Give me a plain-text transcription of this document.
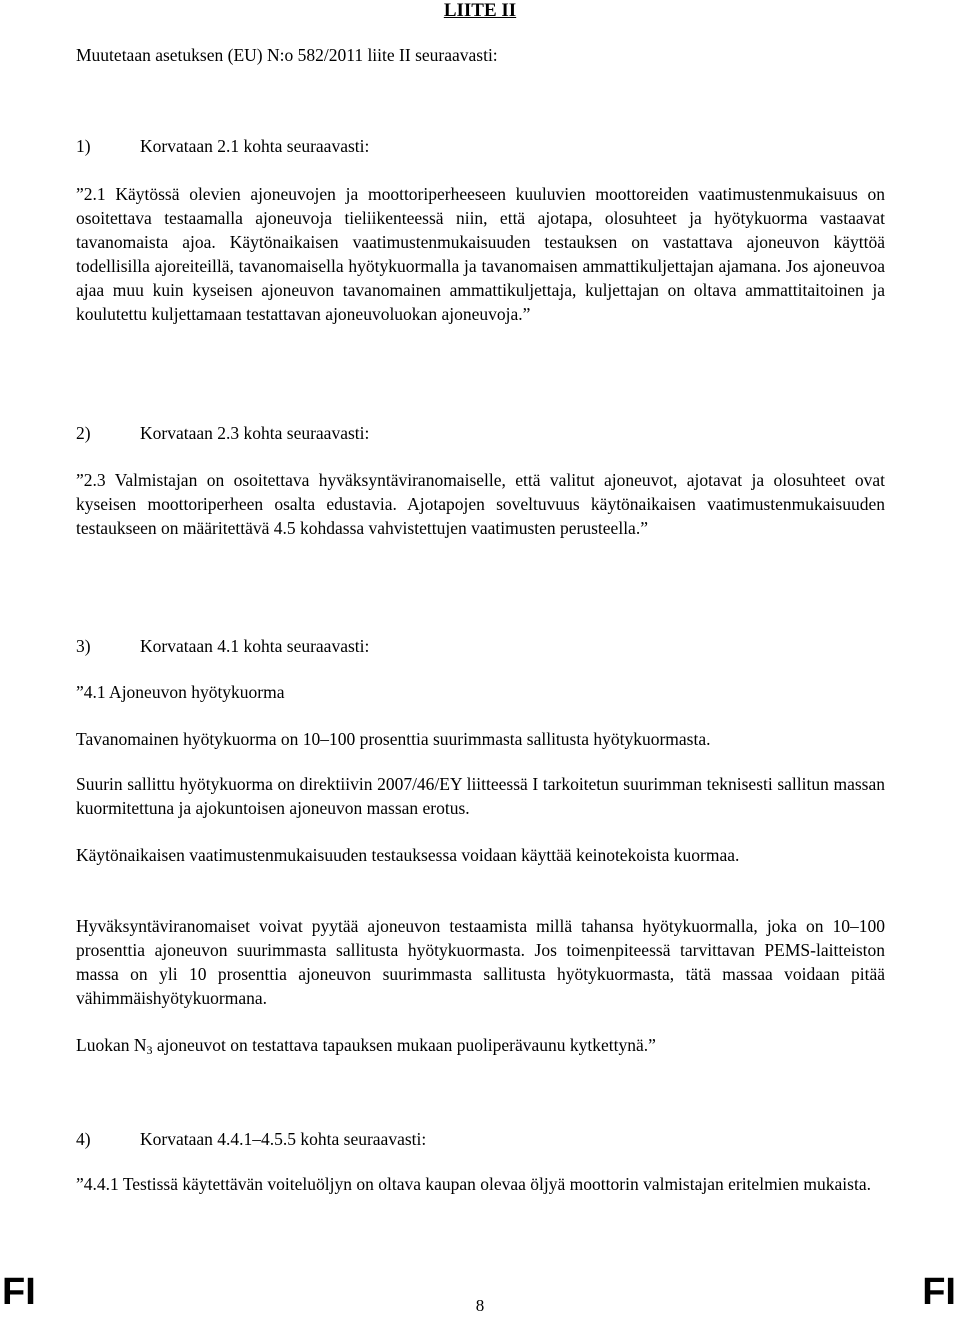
LIITE II

Muutetaan asetuksen (EU) N:o 582/2011 liite II seuraavasti:

1)	Korvataan 2.1 kohta seuraavasti:

”2.1 Käytössä olevien ajoneuvojen ja moottoriperheeseen kuuluvien moottoreiden vaatimustenmukaisuus on osoitettava testaamalla ajoneuvoja tieliikenteessä niin, että ajotapa, olosuhteet ja hyötykuorma vastaavat tavanomaista ajoa. Käytönaikaisen vaatimustenmukaisuuden testauksen on vastattava ajoneuvon käyttöä todellisilla ajoreiteillä, tavanomaisella hyötykuormalla ja tavanomaisen ammattikuljettajan ajamana. Jos ajoneuvoa ajaa muu kuin kyseisen ajoneuvon tavanomainen ammattikuljettaja, kuljettajan on oltava ammattitaitoinen ja koulutettu kuljettamaan testattavan ajoneuvoluokan ajoneuvoja.”

2)	Korvataan 2.3 kohta seuraavasti:

”2.3 Valmistajan on osoitettava hyväksyntäviranomaiselle, että valitut ajoneuvot, ajotavat ja olosuhteet ovat kyseisen moottoriperheen osalta edustavia. Ajotapojen soveltuvuus käytönaikaisen vaatimustenmukaisuuden testaukseen on määritettävä 4.5 kohdassa vahvistettujen vaatimusten perusteella.”

3)	Korvataan 4.1 kohta seuraavasti:

”4.1 Ajoneuvon hyötykuorma

Tavanomainen hyötykuorma on 10–100 prosenttia suurimmasta sallitusta hyötykuormasta.

Suurin sallittu hyötykuorma on direktiivin 2007/46/EY liitteessä I tarkoitetun suurimman teknisesti sallitun massan kuormitettuna ja ajokuntoisen ajoneuvon massan erotus.

Käytönaikaisen vaatimustenmukaisuuden testauksessa voidaan käyttää keinotekoista kuormaa.

Hyväksyntäviranomaiset voivat pyytää ajoneuvon testaamista millä tahansa hyötykuormalla, joka on 10–100 prosenttia ajoneuvon suurimmasta sallitusta hyötykuormasta. Jos toimenpiteessä tarvittavan PEMS-laitteiston massa on yli 10 prosenttia ajoneuvon suurimmasta sallitusta hyötykuormasta, tätä massaa voidaan pitää vähimmäishyötykuormana.

Luokan $N_3$ ajoneuvot on testattava tapauksen mukaan puoliperävaunu kytkettynä.”

4)	Korvataan 4.4.1–4.5.5 kohta seuraavasti:

”4.4.1 Testissä käytettävän voiteluöljyn on oltava kaupan olevaa öljyä moottorin valmistajan eritelmien mukaista.

FI	8	FI
